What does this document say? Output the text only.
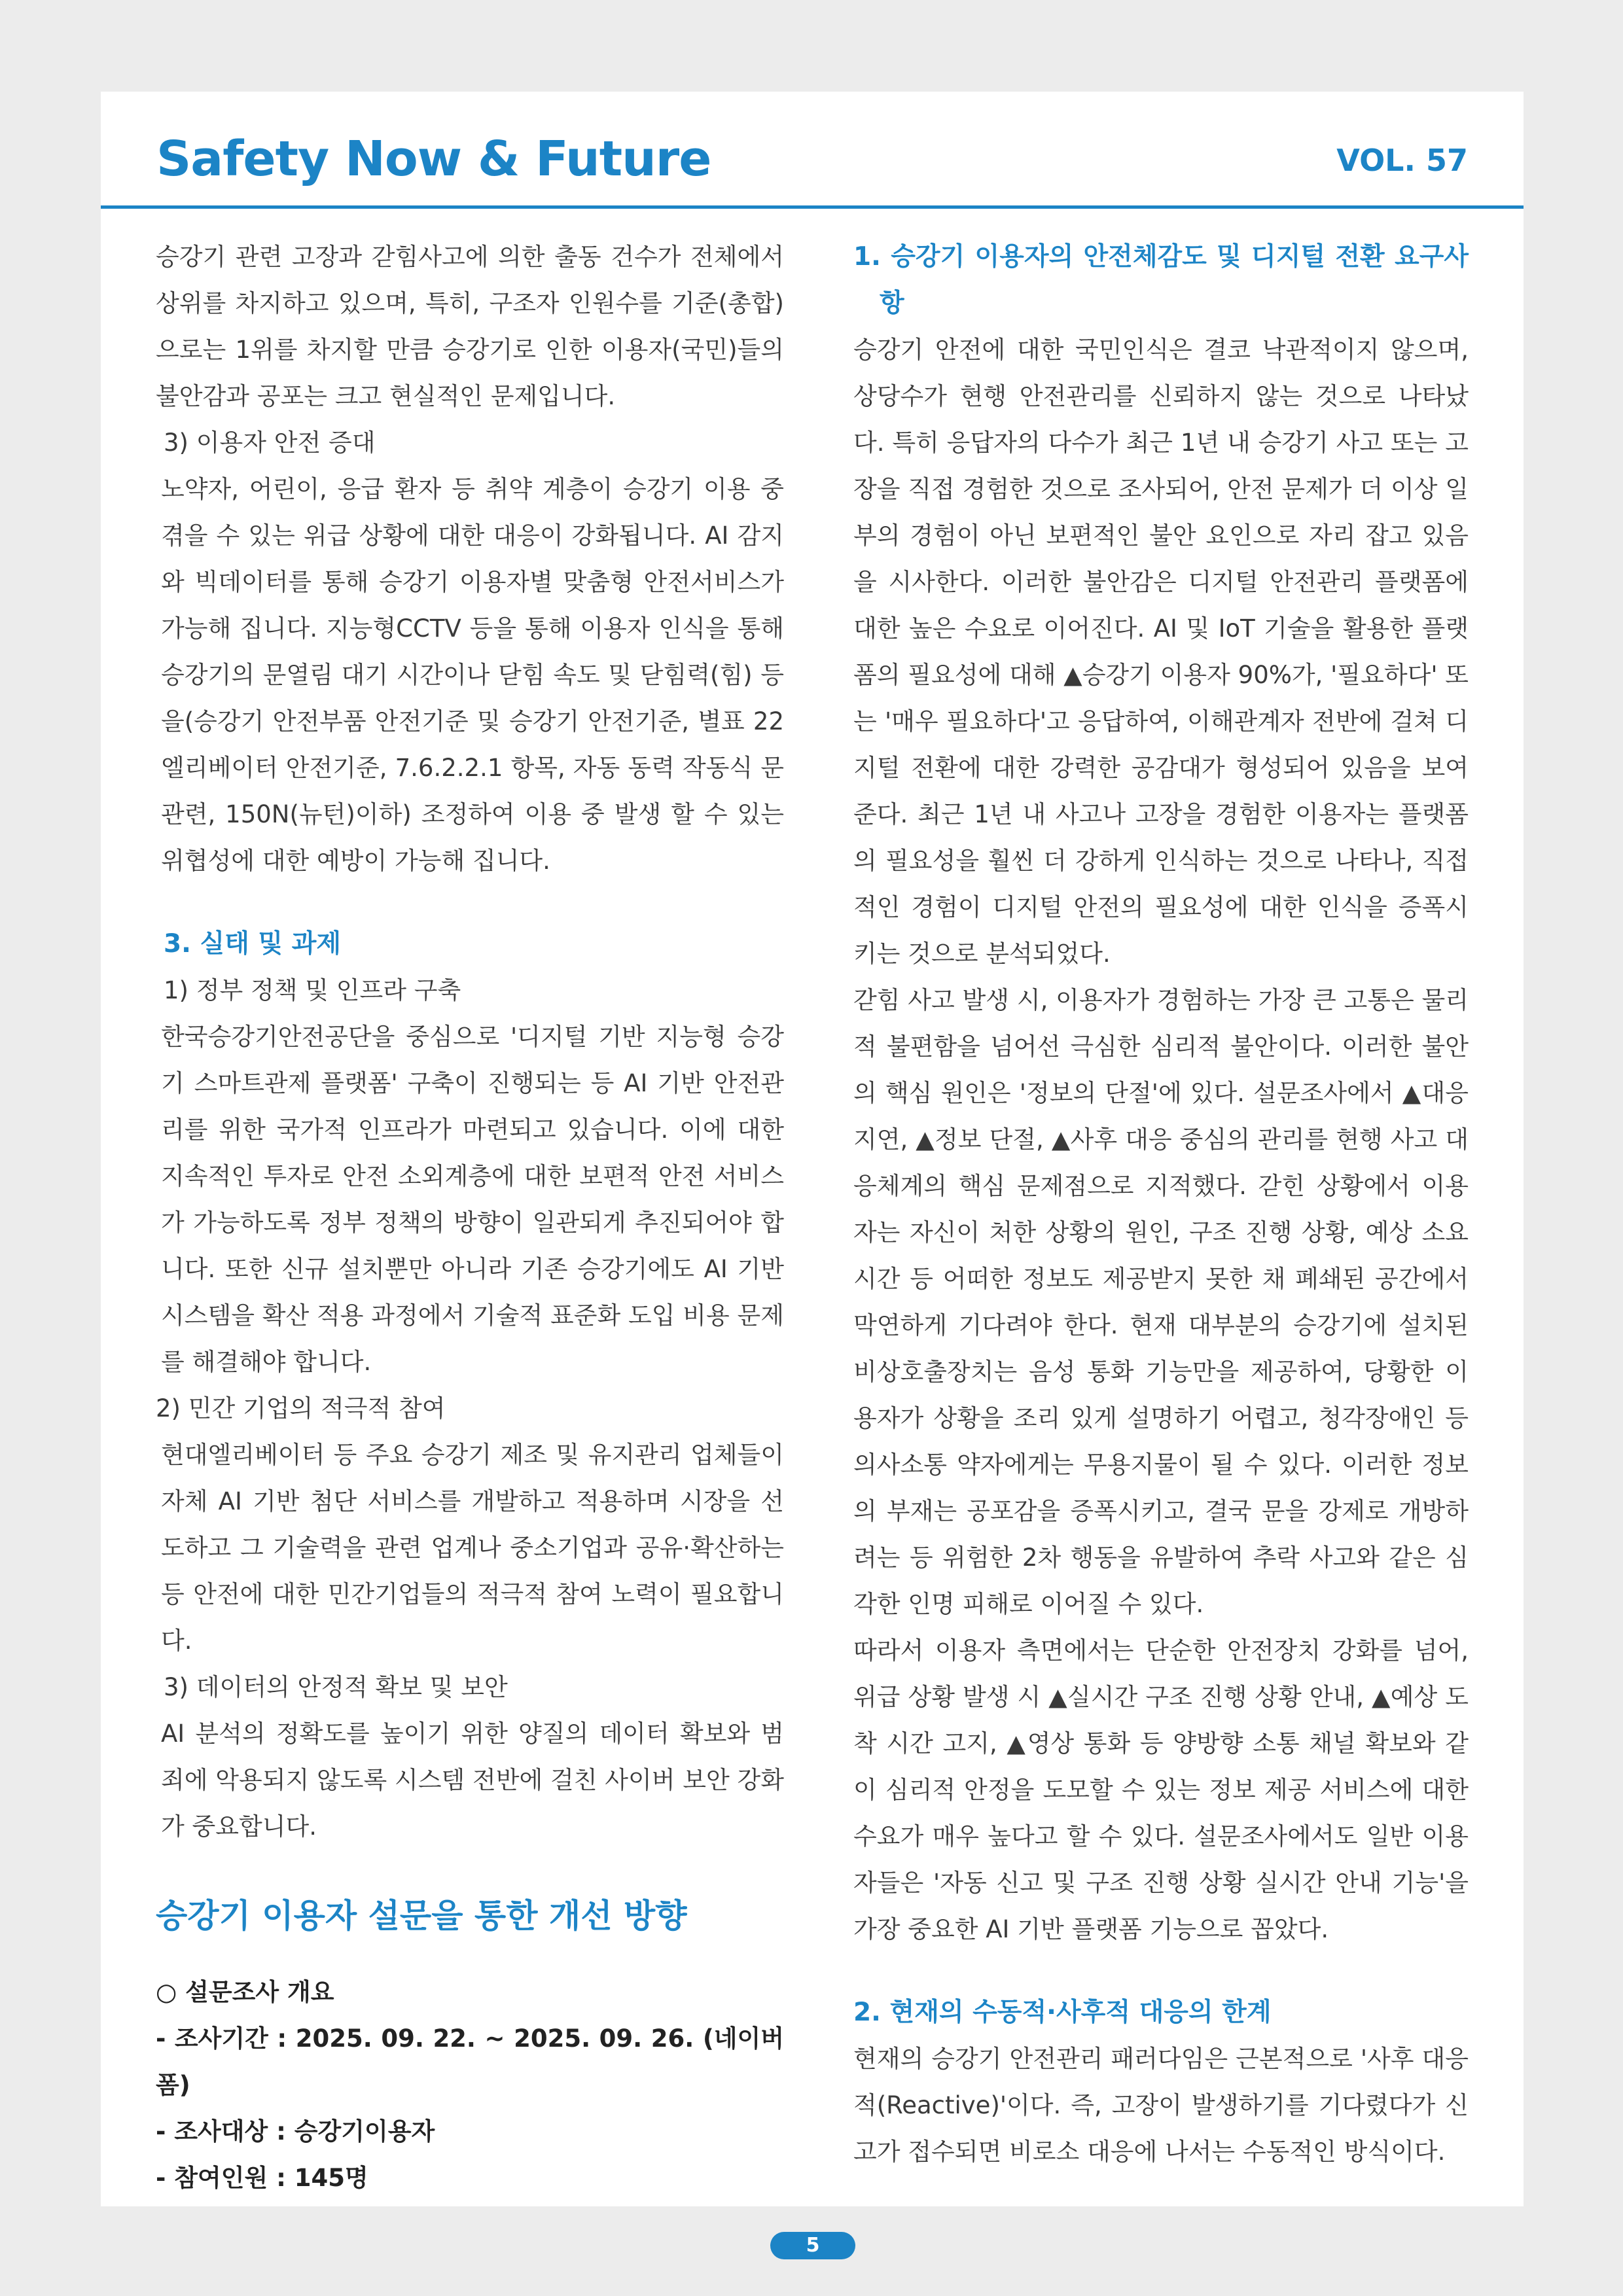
Safety Now & Future	VOL. 57

승강기 관련 고장과 갇힘사고에 의한 출동 건수가 전체에서 상위를 차지하고 있으며, 특히, 구조자 인원수를 기준(총합)으로는 1위를 차지할 만큼 승강기로 인한 이용자(국민)들의 불안감과 공포는 크고 현실적인 문제입니다.

3) 이용자 안전 증대

노약자, 어린이, 응급 환자 등 취약 계층이 승강기 이용 중 겪을 수 있는 위급 상황에 대한 대응이 강화됩니다. AI 감지와 빅데이터를 통해 승강기 이용자별 맞춤형 안전서비스가 가능해 집니다. 지능형CCTV 등을 통해 이용자 인식을 통해 승강기의 문열림 대기 시간이나 닫힘 속도 및 닫힘력(힘) 등을(승강기 안전부품 안전기준 및 승강기 안전기준, 별표 22 엘리베이터 안전기준, 7.6.2.2.1 항목, 자동 동력 작동식 문 관련, 150N(뉴턴)이하) 조정하여 이용 중 발생 할 수 있는 위협성에 대한 예방이 가능해 집니다.

3. 실태 및 과제

1) 정부 정책 및 인프라 구축

한국승강기안전공단을 중심으로 '디지털 기반 지능형 승강기 스마트관제 플랫폼' 구축이 진행되는 등 AI 기반 안전관리를 위한 국가적 인프라가 마련되고 있습니다. 이에 대한 지속적인 투자로 안전 소외계층에 대한 보편적 안전 서비스가 가능하도록 정부 정책의 방향이 일관되게 추진되어야 합니다. 또한 신규 설치뿐만 아니라 기존 승강기에도 AI 기반 시스템을 확산 적용 과정에서 기술적 표준화 도입 비용 문제를 해결해야 합니다.

2) 민간 기업의 적극적 참여

현대엘리베이터 등 주요 승강기 제조 및 유지관리 업체들이 자체 AI 기반 첨단 서비스를 개발하고 적용하며 시장을 선도하고 그 기술력을 관련 업계나 중소기업과 공유·확산하는 등 안전에 대한 민간기업들의 적극적 참여 노력이 필요합니다.

3) 데이터의 안정적 확보 및 보안

AI 분석의 정확도를 높이기 위한 양질의 데이터 확보와 범죄에 악용되지 않도록 시스템 전반에 걸친 사이버 보안 강화가 중요합니다.

승강기 이용자 설문을 통한 개선 방향

○ 설문조사 개요

- 조사기간 : 2025. 09. 22. ~ 2025. 09. 26. (네이버 폼)

- 조사대상 : 승강기이용자

- 참여인원 : 145명

1. 승강기 이용자의 안전체감도 및 디지털 전환 요구사항

승강기 안전에 대한 국민인식은 결코 낙관적이지 않으며, 상당수가 현행 안전관리를 신뢰하지 않는 것으로 나타났다. 특히 응답자의 다수가 최근 1년 내 승강기 사고 또는 고장을 직접 경험한 것으로 조사되어, 안전 문제가 더 이상 일부의 경험이 아닌 보편적인 불안 요인으로 자리 잡고 있음을 시사한다. 이러한 불안감은 디지털 안전관리 플랫폼에 대한 높은 수요로 이어진다. AI 및 IoT 기술을 활용한 플랫폼의 필요성에 대해 ▲승강기 이용자 90%가, '필요하다' 또는 '매우 필요하다'고 응답하여, 이해관계자 전반에 걸쳐 디지털 전환에 대한 강력한 공감대가 형성되어 있음을 보여준다. 최근 1년 내 사고나 고장을 경험한 이용자는 플랫폼의 필요성을 훨씬 더 강하게 인식하는 것으로 나타나, 직접적인 경험이 디지털 안전의 필요성에 대한 인식을 증폭시키는 것으로 분석되었다.

갇힘 사고 발생 시, 이용자가 경험하는 가장 큰 고통은 물리적 불편함을 넘어선 극심한 심리적 불안이다. 이러한 불안의 핵심 원인은 '정보의 단절'에 있다. 설문조사에서 ▲대응 지연, ▲정보 단절, ▲사후 대응 중심의 관리를 현행 사고 대응체계의 핵심 문제점으로 지적했다. 갇힌 상황에서 이용자는 자신이 처한 상황의 원인, 구조 진행 상황, 예상 소요 시간 등 어떠한 정보도 제공받지 못한 채 폐쇄된 공간에서 막연하게 기다려야 한다. 현재 대부분의 승강기에 설치된 비상호출장치는 음성 통화 기능만을 제공하여, 당황한 이용자가 상황을 조리 있게 설명하기 어렵고, 청각장애인 등 의사소통 약자에게는 무용지물이 될 수 있다. 이러한 정보의 부재는 공포감을 증폭시키고, 결국 문을 강제로 개방하려는 등 위험한 2차 행동을 유발하여 추락 사고와 같은 심각한 인명 피해로 이어질 수 있다.

따라서 이용자 측면에서는 단순한 안전장치 강화를 넘어, 위급 상황 발생 시 ▲실시간 구조 진행 상황 안내, ▲예상 도착 시간 고지, ▲영상 통화 등 양방향 소통 채널 확보와 같이 심리적 안정을 도모할 수 있는 정보 제공 서비스에 대한 수요가 매우 높다고 할 수 있다. 설문조사에서도 일반 이용자들은 '자동 신고 및 구조 진행 상황 실시간 안내 기능'을 가장 중요한 AI 기반 플랫폼 기능으로 꼽았다.

2. 현재의 수동적·사후적 대응의 한계

현재의 승강기 안전관리 패러다임은 근본적으로 '사후 대응적(Reactive)'이다. 즉, 고장이 발생하기를 기다렸다가 신고가 접수되면 비로소 대응에 나서는 수동적인 방식이다.

5
